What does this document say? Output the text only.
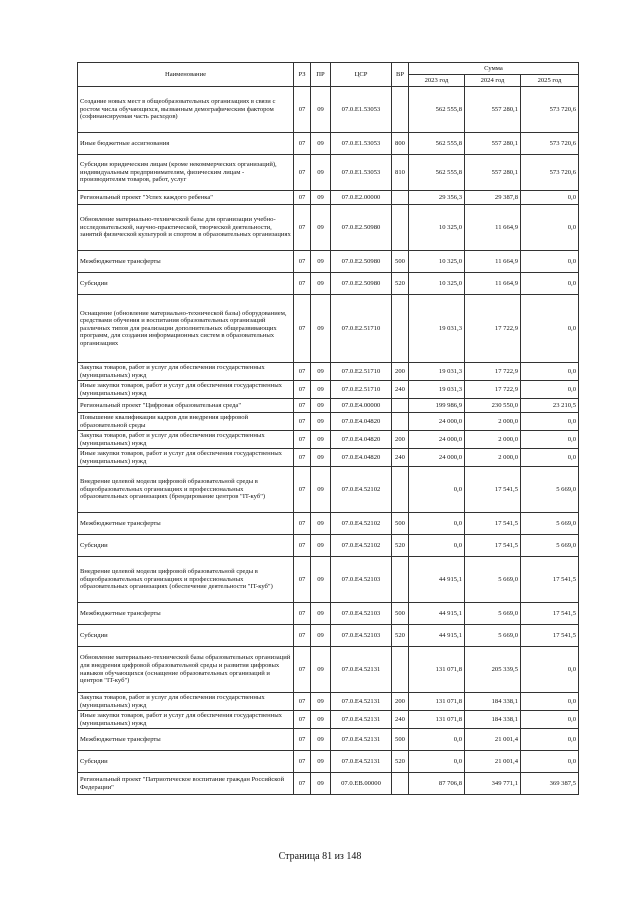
Наименование	РЗ	ПР	ЦСР	ВР	Сумма		
					2023 год	2024 год	2025 год
Создание новых мест в общеобразовательных организациях в связи с ростом числа обучающихся, вызванным демографическим фактором (софинансируемая часть расходов)	07	09	07.0.E1.53053		562 555,8	557 280,1	573 720,6
Иные бюджетные ассигнования	07	09	07.0.E1.53053	800	562 555,8	557 280,1	573 720,6
Субсидии юридическим лицам (кроме некоммерческих организаций), индивидуальным предпринимателям, физическим лицам - производителям товаров, работ, услуг	07	09	07.0.E1.53053	810	562 555,8	557 280,1	573 720,6
Региональный проект "Успех каждого ребенка"	07	09	07.0.E2.00000		29 356,3	29 387,8	0,0
Обновление материально-технической базы для организации учебно-исследовательской, научно-практической, творческой деятельности, занятий физической культурой и спортом в образовательных организациях	07	09	07.0.E2.50980		10 325,0	11 664,9	0,0
Межбюджетные трансферты	07	09	07.0.E2.50980	500	10 325,0	11 664,9	0,0
Субсидии	07	09	07.0.E2.50980	520	10 325,0	11 664,9	0,0
Оснащение (обновление материально-технической базы) оборудованием, средствами обучения и воспитания образовательных организаций различных типов для реализации дополнительных общеразвивающих программ, для создания информационных систем в образовательных организациях	07	09	07.0.E2.51710		19 031,3	17 722,9	0,0
Закупка товаров, работ и услуг для обеспечения государственных (муниципальных) нужд	07	09	07.0.E2.51710	200	19 031,3	17 722,9	0,0
Иные закупки товаров, работ и услуг для обеспечения государственных (муниципальных) нужд	07	09	07.0.E2.51710	240	19 031,3	17 722,9	0,0
Региональный проект "Цифровая образовательная среда"	07	09	07.0.E4.00000		199 986,9	230 550,0	23 210,5
Повышение квалификации кадров для внедрения цифровой образовательной среды	07	09	07.0.E4.04820		24 000,0	2 000,0	0,0
Закупка товаров, работ и услуг для обеспечения государственных (муниципальных) нужд	07	09	07.0.E4.04820	200	24 000,0	2 000,0	0,0
Иные закупки товаров, работ и услуг для обеспечения государственных (муниципальных) нужд	07	09	07.0.E4.04820	240	24 000,0	2 000,0	0,0
Внедрение целевой модели цифровой образовательной среды в общеобразовательных организациях и профессиональных образовательных организациях (брендирование центров "IT-куб")	07	09	07.0.E4.52102		0,0	17 541,5	5 669,0
Межбюджетные трансферты	07	09	07.0.E4.52102	500	0,0	17 541,5	5 669,0
Субсидии	07	09	07.0.E4.52102	520	0,0	17 541,5	5 669,0
Внедрение целевой модели цифровой образовательной среды в общеобразовательных организациях и профессиональных образовательных организациях (обеспечение деятельности "IT-куб")	07	09	07.0.E4.52103		44 915,1	5 669,0	17 541,5
Межбюджетные трансферты	07	09	07.0.E4.52103	500	44 915,1	5 669,0	17 541,5
Субсидии	07	09	07.0.E4.52103	520	44 915,1	5 669,0	17 541,5
Обновление материально-технической базы образовательных организаций для внедрения цифровой образовательной среды и развития цифровых навыков обучающихся (оснащение образовательных организаций и центров "IT-куб")	07	09	07.0.E4.52131		131 071,8	205 339,5	0,0
Закупка товаров, работ и услуг для обеспечения государственных (муниципальных) нужд	07	09	07.0.E4.52131	200	131 071,8	184 338,1	0,0
Иные закупки товаров, работ и услуг для обеспечения государственных (муниципальных) нужд	07	09	07.0.E4.52131	240	131 071,8	184 338,1	0,0
Межбюджетные трансферты	07	09	07.0.E4.52131	500	0,0	21 001,4	0,0
Субсидии	07	09	07.0.E4.52131	520	0,0	21 001,4	0,0
Региональный проект "Патриотическое воспитание граждан Российской Федерации"	07	09	07.0.EB.00000		87 706,8	349 771,1	369 387,5
Страница 81 из 148
